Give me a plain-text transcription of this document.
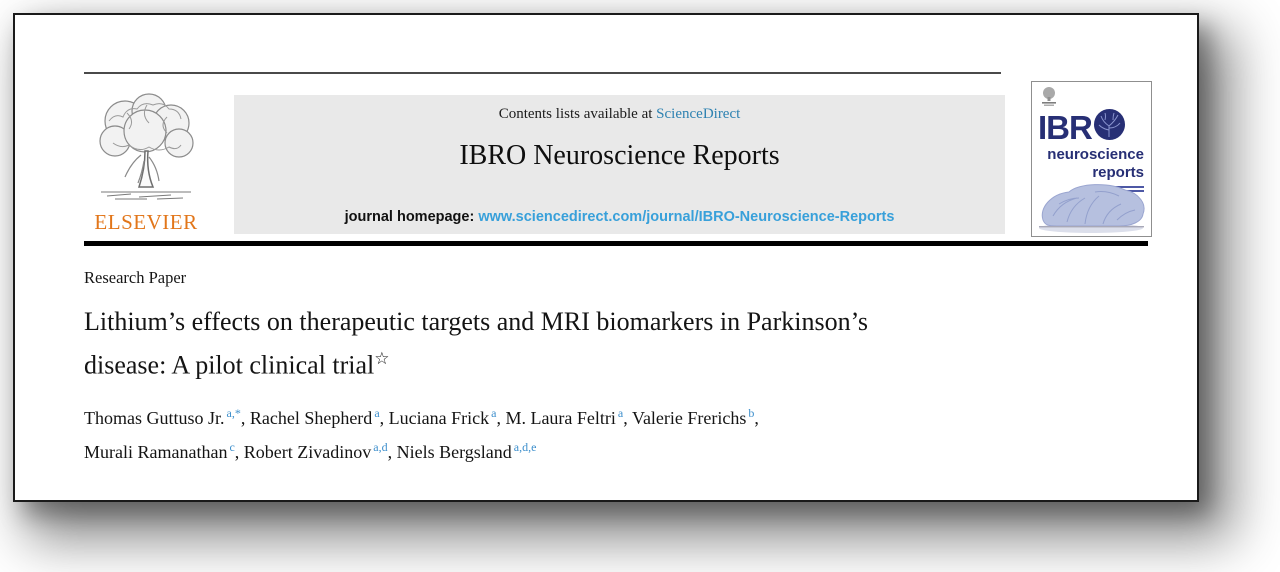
ELSEVIER
Contents lists available at ScienceDirect
IBRO Neuroscience Reports
journal homepage: www.sciencedirect.com/journal/IBRO-Neuroscience-Reports
IBR
neuroscience
reports
Research Paper
Lithium’s effects on therapeutic targets and MRI biomarkers in Parkinson’s
disease: A pilot clinical trial☆

Thomas Guttuso Jr. $^{a,*}$, Rachel Shepherd $^a$, Luciana Frick $^a$, M. Laura Feltri $^a$, Valerie Frerichs $^b$,
Murali Ramanathan $^c$, Robert Zivadinov $^{a,d}$, Niels Bergsland $^{a,d,e}$
